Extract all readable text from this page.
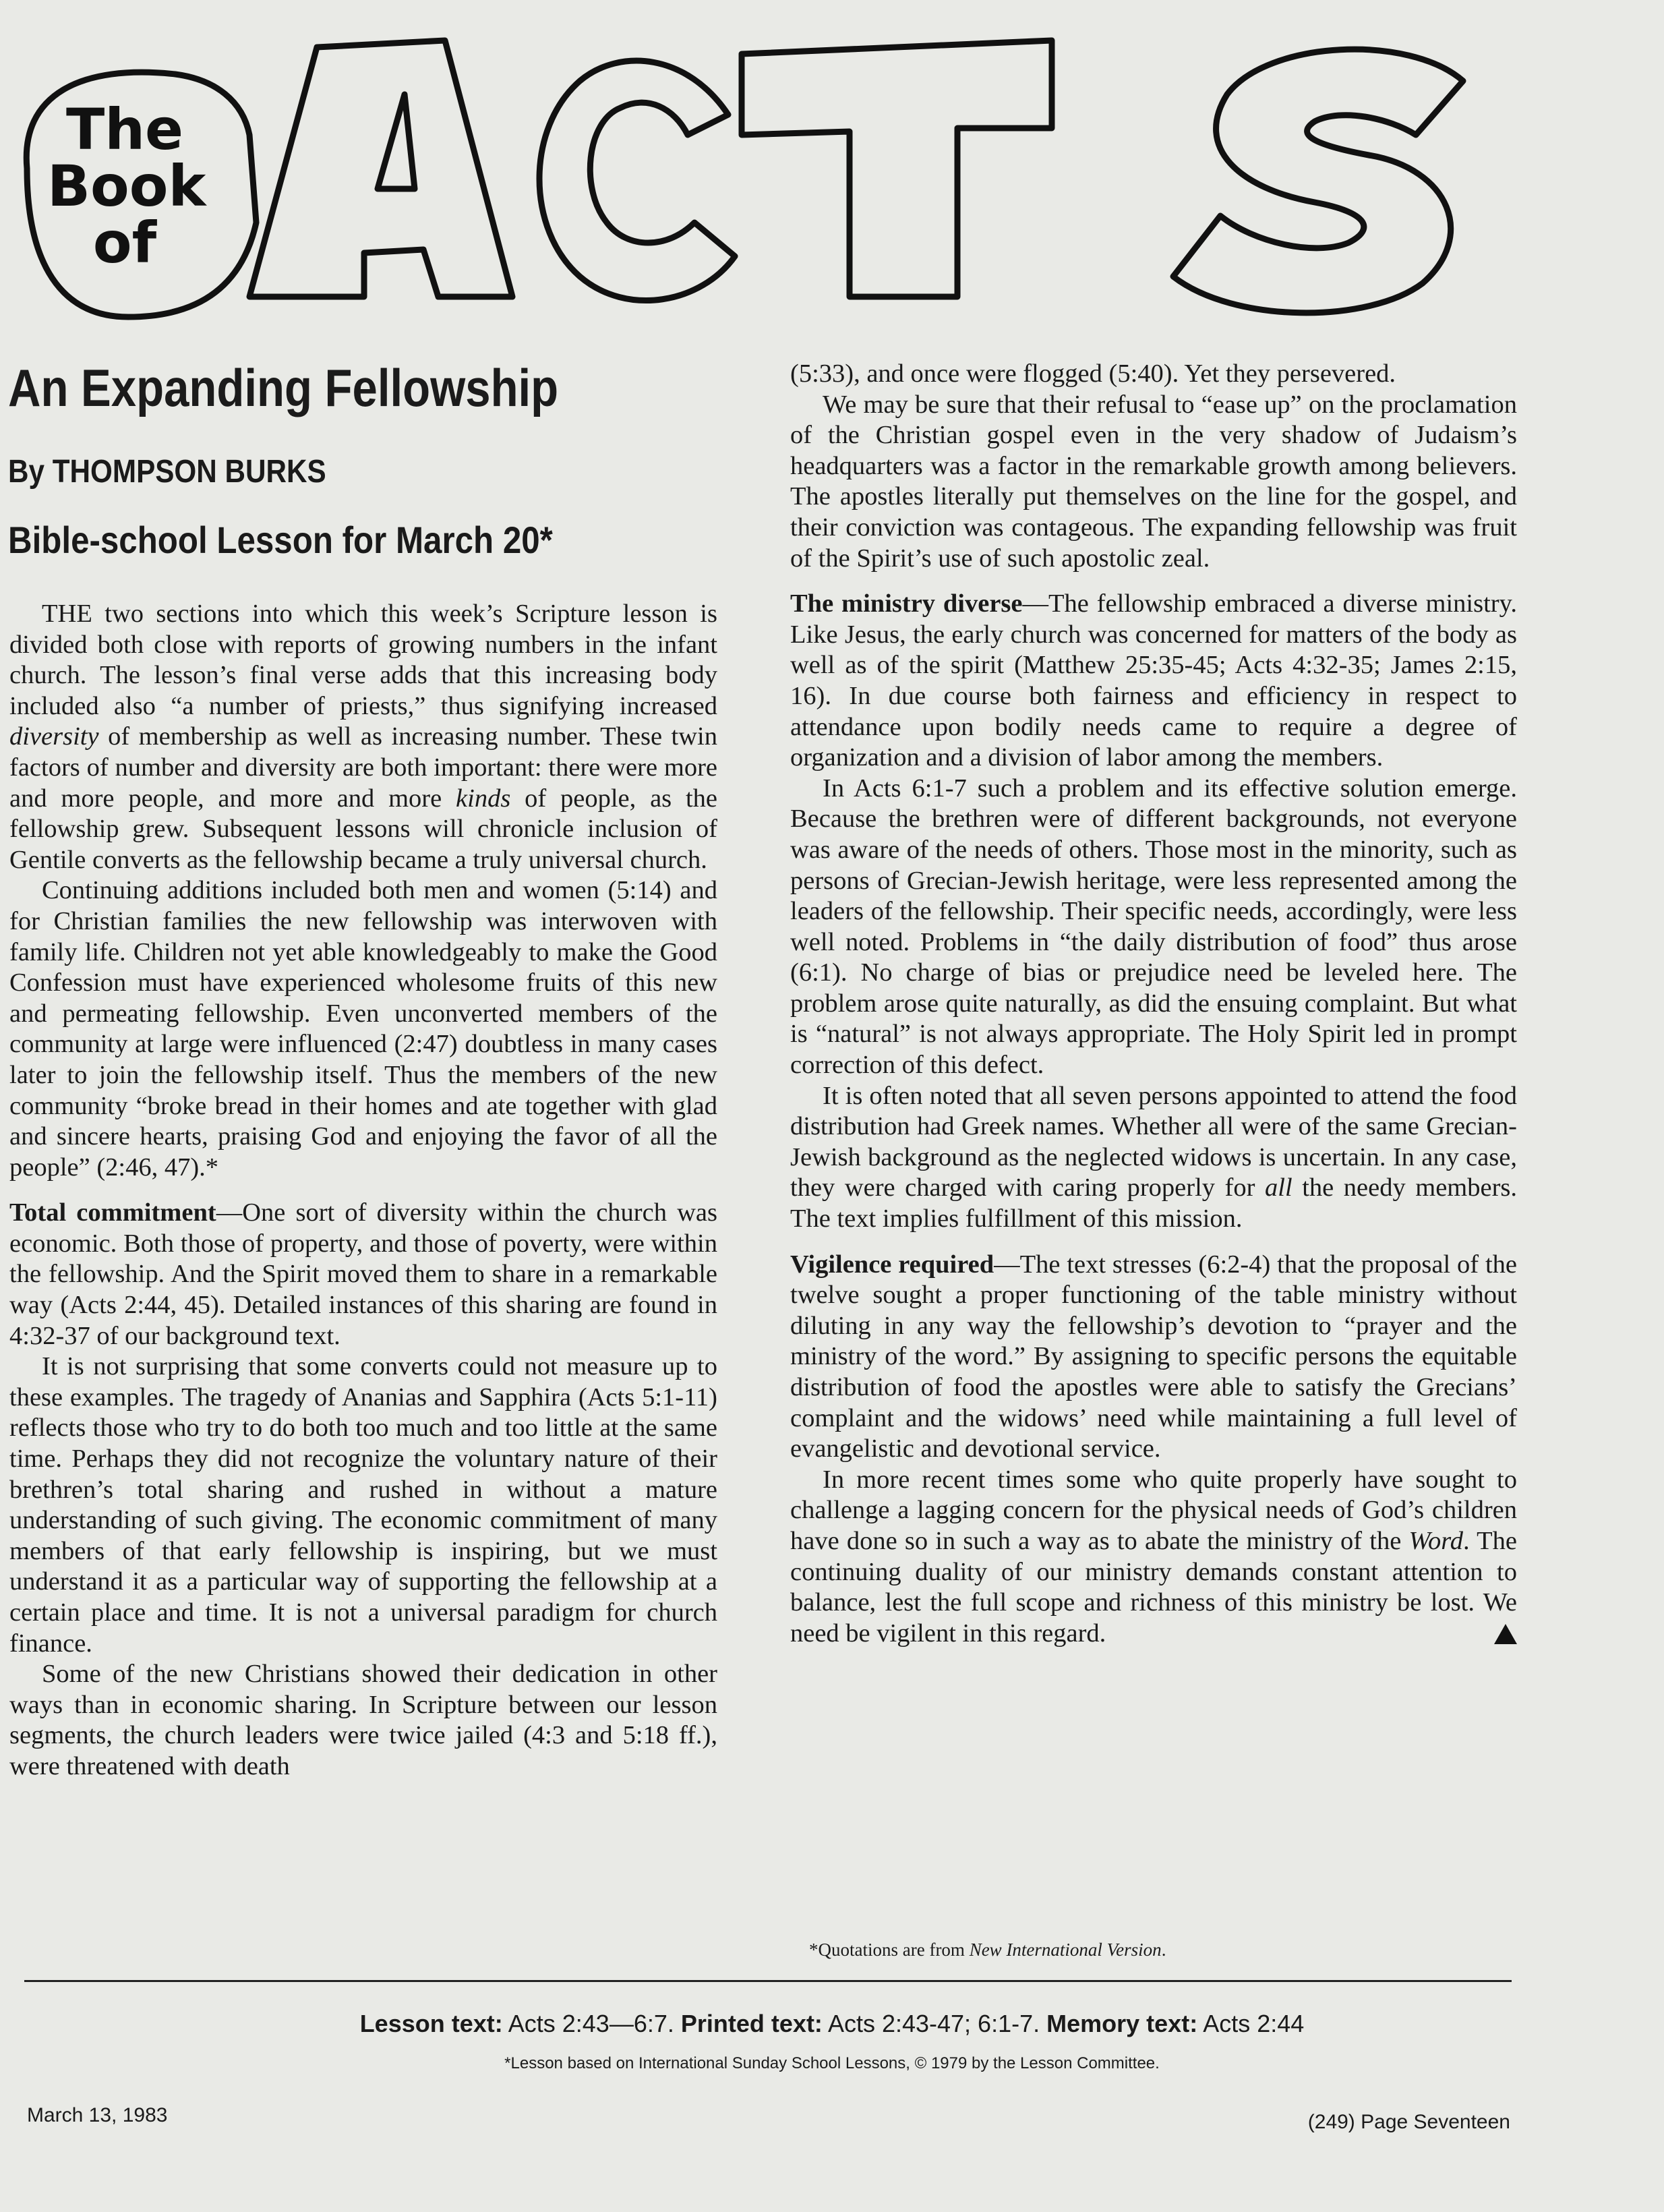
The
Book
of
An Expanding Fellowship
By THOMPSON BURKS
Bible-school Lesson for March 20*

THE two sections into which this week’s Scripture lesson is divided both close with reports of growing numbers in the infant church. The lesson’s final verse adds that this increasing body included also “a number of priests,” thus signifying increased diversity of membership as well as increasing number. These twin factors of number and diversity are both important: there were more and more people, and more and more kinds of people, as the fellowship grew. Subsequent lessons will chronicle inclusion of Gentile converts as the fellowship became a truly universal church.

Continuing additions included both men and women (5:14) and for Christian families the new fellowship was interwoven with family life. Children not yet able knowledgeably to make the Good Confession must have experienced wholesome fruits of this new and permeating fellowship. Even unconverted members of the community at large were influenced (2:47) doubtless in many cases later to join the fellowship itself. Thus the members of the new community “broke bread in their homes and ate together with glad and sincere hearts, praising God and enjoying the favor of all the people” (2:46, 47).*

Total commitment—One sort of diversity within the church was economic. Both those of property, and those of poverty, were within the fellowship. And the Spirit moved them to share in a remarkable way (Acts 2:44, 45). Detailed instances of this sharing are found in 4:32-37 of our background text.

It is not surprising that some converts could not measure up to these examples. The tragedy of Ananias and Sapphira (Acts 5:1-11) reflects those who try to do both too much and too little at the same time. Perhaps they did not recognize the voluntary nature of their brethren’s total sharing and rushed in without a mature understanding of such giving. The economic commitment of many members of that early fellowship is inspiring, but we must understand it as a particular way of supporting the fellowship at a certain place and time. It is not a universal paradigm for church finance.

Some of the new Christians showed their dedication in other ways than in economic sharing. In Scripture between our lesson segments, the church leaders were twice jailed (4:3 and 5:18 ff.), were threatened with death

(5:33), and once were flogged (5:40). Yet they persevered.

We may be sure that their refusal to “ease up” on the proclamation of the Christian gospel even in the very shadow of Judaism’s headquarters was a factor in the remarkable growth among believers. The apostles literally put themselves on the line for the gospel, and their conviction was contageous. The expanding fellowship was fruit of the Spirit’s use of such apostolic zeal.

The ministry diverse—The fellowship embraced a diverse ministry. Like Jesus, the early church was concerned for matters of the body as well as of the spirit (Matthew 25:35-45; Acts 4:32-35; James 2:15, 16). In due course both fairness and efficiency in respect to attendance upon bodily needs came to require a degree of organization and a division of labor among the members.

In Acts 6:1-7 such a problem and its effective solution emerge. Because the brethren were of different backgrounds, not everyone was aware of the needs of others. Those most in the minority, such as persons of Grecian-Jewish heritage, were less represented among the leaders of the fellowship. Their specific needs, accordingly, were less well noted. Problems in “the daily distribution of food” thus arose (6:1). No charge of bias or prejudice need be leveled here. The problem arose quite naturally, as did the ensuing complaint. But what is “natural” is not always appropriate. The Holy Spirit led in prompt correction of this defect.

It is often noted that all seven persons appointed to attend the food distribution had Greek names. Whether all were of the same Grecian-Jewish background as the neglected widows is uncertain. In any case, they were charged with caring properly for all the needy members. The text implies fulfillment of this mission.

Vigilence required—The text stresses (6:2-4) that the proposal of the twelve sought a proper functioning of the table ministry without diluting in any way the fellowship’s devotion to “prayer and the ministry of the word.” By assigning to specific persons the equitable distribution of food the apostles were able to satisfy the Grecians’ complaint and the widows’ need while maintaining a full level of evangelistic and devotional service.

In more recent times some who quite properly have sought to challenge a lagging concern for the physical needs of God’s children have done so in such a way as to abate the ministry of the Word. The continuing duality of our ministry demands constant attention to balance, lest the full scope and richness of this ministry be lost. We need be vigilent in this regard.

*Quotations are from New International Version.
Lesson text: Acts 2:43—6:7. Printed text: Acts 2:43-47; 6:1-7. Memory text: Acts 2:44
*Lesson based on International Sunday School Lessons, © 1979 by the Lesson Committee.
March 13, 1983	(249) Page Seventeen
